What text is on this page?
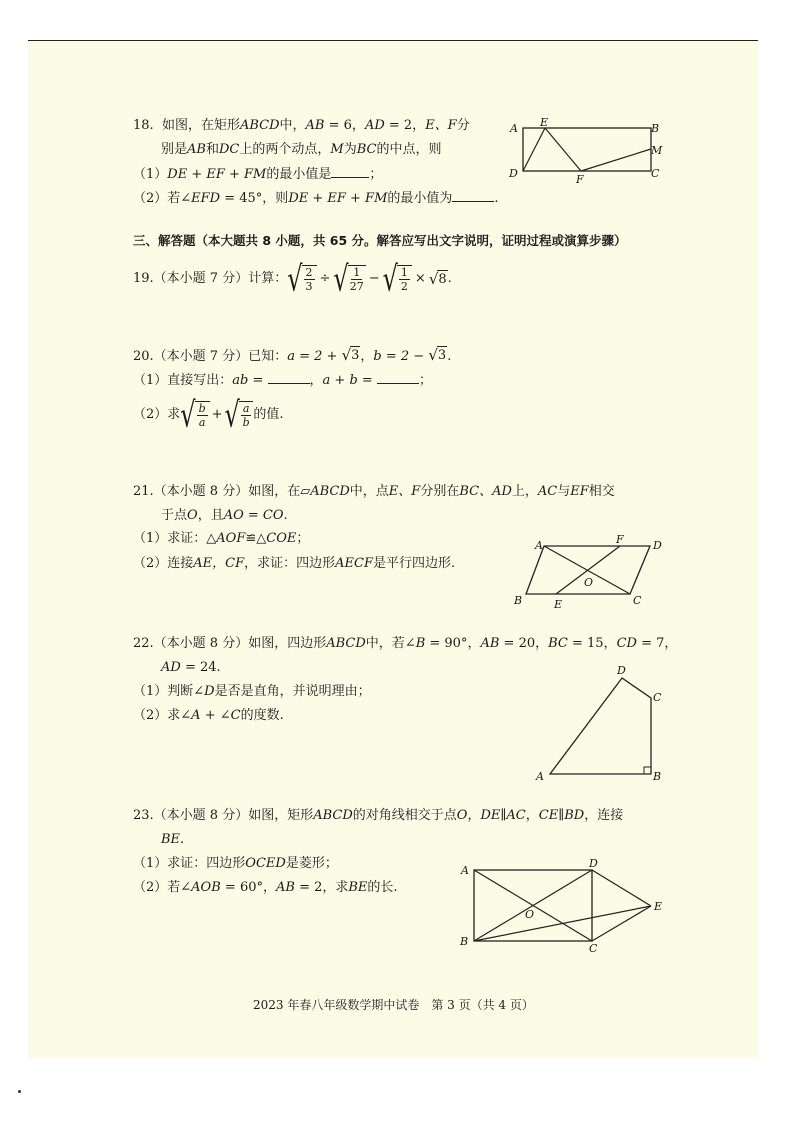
18. 如图，在矩形ABCD中，AB = 6，AD = 2，E、F分
别是AB和DC上的两个动点，M为BC的中点，则
（1）DE + EF + FM的最小值是	；
（2）若∠EFD = 45°，则DE + EF + FM的最小值为	.
A E	B
M
D	F	C
三、解答题（本大题共 8 小题，共 65 分。解答应写出文字说明，证明过程或演算步骤）
19.（本小题 7 分）计算： √ $\frac{2}{3}$ ÷ √ $\frac{1}{27}$ − √ $\frac{1}{2}$ × √ 8 .
20.（本小题 7 分）已知：a = 2 + √ 3 ，b = 2 − √ 3 .
（1）直接写出：ab =	，a + b =	；
（2）求 √ $\frac{b}{a}$ + √ $\frac{a}{b}$ 的值.
21.（本小题 8 分）如图，在▱ABCD中，点E、F分别在BC、AD上，AC与EF相交
于点O，且AO = CO.
（1）求证：△AOF≌△COE；
（2）连接AE，CF，求证：四边形AECF是平行四边形.
A	F	D
O
B	E	C
22.（本小题 8 分）如图，四边形ABCD中，若∠B = 90°，AB = 20，BC = 15，CD = 7，
AD = 24.
（1）判断∠D是否是直角，并说明理由；
（2）求∠A + ∠C的度数.
D
C
A	B
23.（本小题 8 分）如图，矩形ABCD的对角线相交于点O，DE∥AC，CE∥BD，连接
BE.
（1）求证：四边形OCED是菱形；
（2）若∠AOB = 60°，AB = 2，求BE的长.
A
D
E
O
B
C
2023 年春八年级数学期中试卷　第 3 页（共 4 页）
